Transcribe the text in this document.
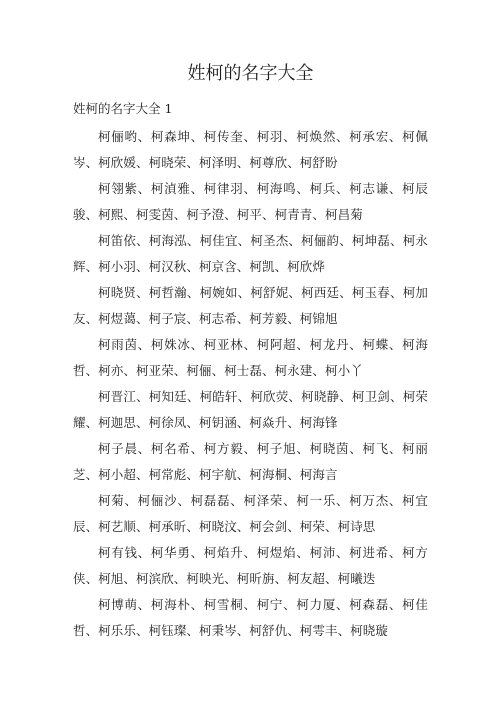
姓柯的名字大全

姓柯的名字大全 1

柯俪哟、柯森坤、柯传奎、柯羽、柯焕然、柯承宏、柯佩岑、柯欣媛、柯晓荣、柯泽明、柯尊欣、柯舒盼

柯翎紫、柯湞雅、柯律羽、柯海鸣、柯兵、柯志谦、柯辰骏、柯熙、柯雯茵、柯予澄、柯平、柯青青、柯昌菊

柯笛依、柯海泓、柯佳宜、柯圣杰、柯俪韵、柯坤磊、柯永辉、柯小羽、柯汉秋、柯京含、柯凯、柯欣烨

柯晓贤、柯哲瀚、柯婉如、柯舒妮、柯西廷、柯玉春、柯加友、柯煜蔼、柯子宸、柯志希、柯芳毅、柯锦旭

柯雨茵、柯姝冰、柯亚林、柯阿超、柯龙丹、柯蝶、柯海哲、柯亦、柯亚荣、柯俪、柯士磊、柯永建、柯小丫

柯晋江、柯知廷、柯皓轩、柯欣荧、柯晓静、柯卫剑、柯荣耀、柯迦思、柯徐凤、柯钥涵、柯焱升、柯海锋

柯子晨、柯名希、柯方毅、柯子旭、柯晓茵、柯飞、柯丽芝、柯小超、柯常彪、柯宇航、柯海桐、柯海言

柯菊、柯俪沙、柯磊磊、柯泽荣、柯一乐、柯万杰、柯宜辰、柯艺顺、柯承昕、柯晓汶、柯会剑、柯荣、柯诗思

柯有钱、柯华勇、柯焰升、柯煜焰、柯沛、柯进希、柯方侠、柯旭、柯滨欣、柯映光、柯昕旃、柯友超、柯曦迭

柯博萌、柯海朴、柯雪桐、柯宁、柯力厦、柯森磊、柯佳哲、柯乐乐、柯钰璨、柯秉岑、柯舒仇、柯雩丰、柯晓璇
